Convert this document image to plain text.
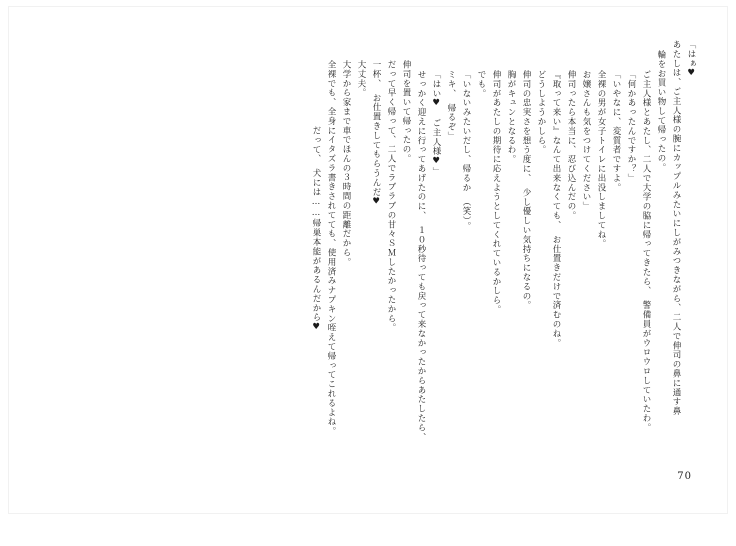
「はぁ♥
あたしは、ご主人様の腕にカップルみたいにしがみつきながら、二人で伸司の鼻に通す鼻
輪をお買い物して帰ったの。
ご主人様とあたし、二人で大学の脇に帰ってきたら、　警備員がウロウロしていたわ。
「何かあったんですか？」
「いやなに、変質者ですよ。
全裸の男が女子トイレに出没しましてね。
お嬢さんも気をつけてください」
伸司ったら本当に、忍び込んだの。
『取って来い』なんて出来なくても、　お仕置きだけで済むのね。
どうしようかしら。
伸司の忠実さを想う度に、　少し優しい気持ちになるの。
胸がキュンとなるわ。
伸司があたしの期待に応えようとしてくれているかしら。
でも。
「いないみたいだし、帰るか　（笑）。
ミキ、　帰るぞ」
「はい♥　ご主人様♥」
せっかく迎えに行ってあげたのに、　１０秒待っても戻って来なかったからあたしたら、
伸司を置いて帰ったの。
だって早く帰って、二人でラブラブの甘々ＳＭしたかったから。
一杯、　お仕置きしてもらうんだ♥
大丈夫。
大学から家まで車でほんの３時間の距離だから。
全裸でも、全身にイタズラ書きされてても、使用済みナプキン咥えて帰ってこれるよね。
だって、　犬には……帰巣本能があるんだから♥
70
